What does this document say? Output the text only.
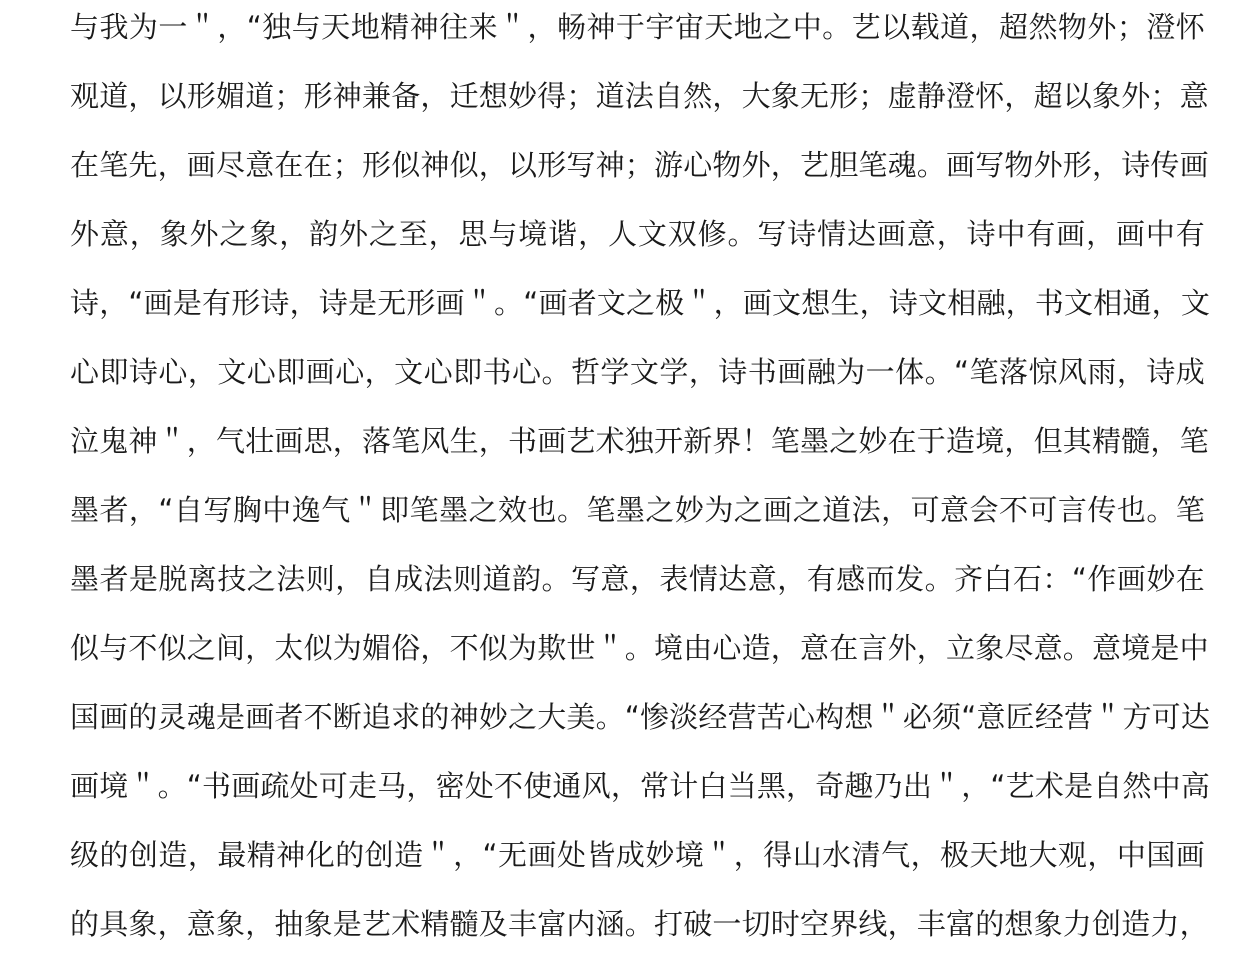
与我为一＂，“独与天地精神往来＂，畅神于宇宙天地之中。艺以载道，超然物外；澄怀
观道，以形媚道；形神兼备，迁想妙得；道法自然，大象无形；虚静澄怀，超以象外；意
在笔先，画尽意在在；形似神似，以形写神；游心物外，艺胆笔魂。画写物外形，诗传画
外意，象外之象，韵外之至，思与境谐，人文双修。写诗情达画意，诗中有画，画中有
诗，“画是有形诗，诗是无形画＂。“画者文之极＂，画文想生，诗文相融，书文相通，文
心即诗心，文心即画心，文心即书心。哲学文学，诗书画融为一体。“笔落惊风雨，诗成
泣鬼神＂，气壮画思，落笔风生，书画艺术独开新界！笔墨之妙在于造境，但其精髓，笔
墨者，“自写胸中逸气＂即笔墨之效也。笔墨之妙为之画之道法，可意会不可言传也。笔
墨者是脱离技之法则，自成法则道韵。写意，表情达意，有感而发。齐白石：“作画妙在
似与不似之间，太似为媚俗，不似为欺世＂。境由心造，意在言外，立象尽意。意境是中
国画的灵魂是画者不断追求的神妙之大美。“惨淡经营苦心构想＂必须“意匠经营＂方可达
画境＂。“书画疏处可走马，密处不使通风，常计白当黑，奇趣乃出＂，“艺术是自然中高
级的创造，最精神化的创造＂，“无画处皆成妙境＂，得山水清气，极天地大观，中国画
的具象，意象，抽象是艺术精髓及丰富内涵。打破一切时空界线，丰富的想象力创造力，
